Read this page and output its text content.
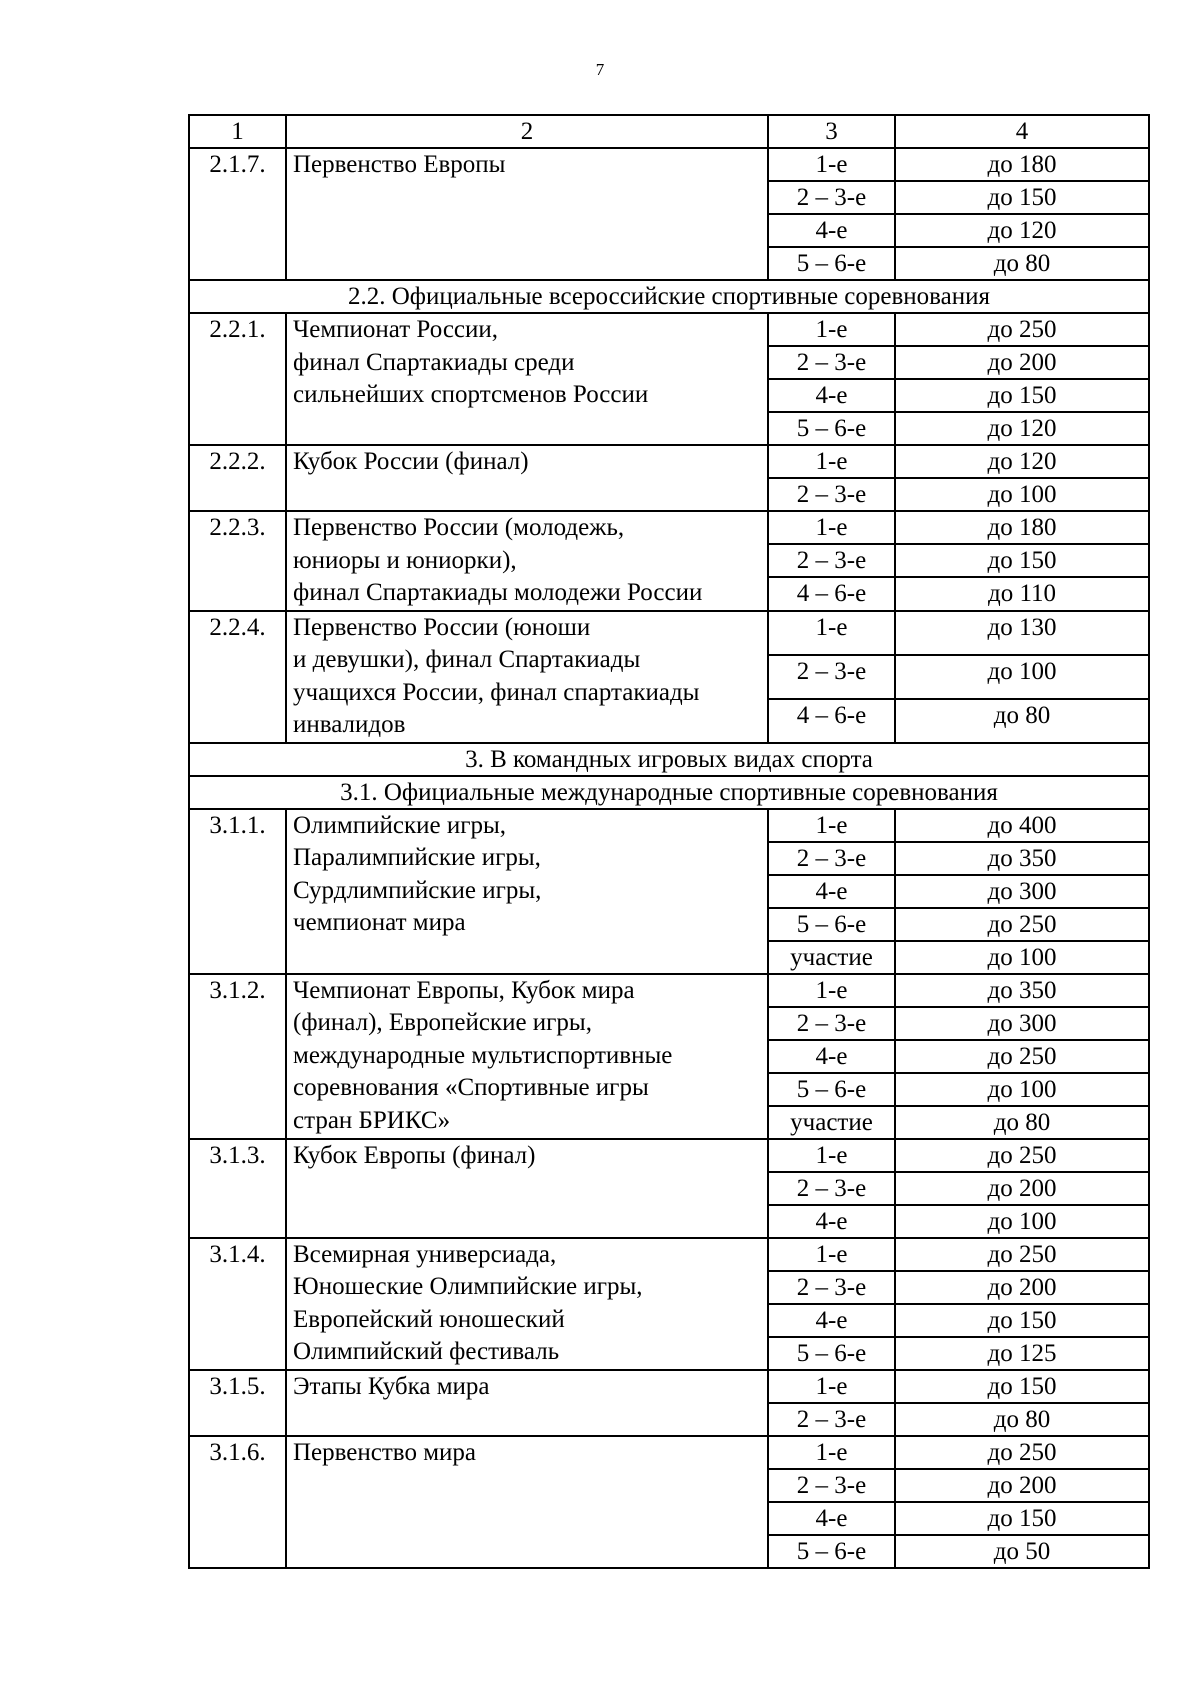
7
1	2	3	4
2.1.7.	Первенство Европы	1-е	до 180
		2 – 3-е	до 150
		4-е	до 120
		5 – 6-е	до 80
2.2. Официальные всероссийские спортивные соревнования			
2.2.1.	Чемпионат России,
финал Спартакиады среди
сильнейших спортсменов России	1-е	до 250
		2 – 3-е	до 200
		4-е	до 150
		5 – 6-е	до 120
2.2.2.	Кубок России (финал)	1-е	до 120
		2 – 3-е	до 100
2.2.3.	Первенство России (молодежь,
юниоры и юниорки),
финал Спартакиады молодежи России	1-е	до 180
		2 – 3-е	до 150
		4 – 6-е	до 110
2.2.4.	Первенство России (юноши
и девушки), финал Спартакиады
учащихся России, финал спартакиады
инвалидов	1-е	до 130
		2 – 3-е	до 100
		4 – 6-е	до 80
3. В командных игровых видах спорта			
3.1. Официальные международные спортивные соревнования			
3.1.1.	Олимпийские игры,
Паралимпийские игры,
Сурдлимпийские игры,
чемпионат мира	1-е	до 400
		2 – 3-е	до 350
		4-е	до 300
		5 – 6-е	до 250
		участие	до 100
3.1.2.	Чемпионат Европы, Кубок мира
(финал), Европейские игры,
международные мультиспортивные
соревнования «Спортивные игры
стран БРИКС»	1-е	до 350
		2 – 3-е	до 300
		4-е	до 250
		5 – 6-е	до 100
		участие	до 80
3.1.3.	Кубок Европы (финал)	1-е	до 250
		2 – 3-е	до 200
		4-е	до 100
3.1.4.	Всемирная универсиада,
Юношеские Олимпийские игры,
Европейский юношеский
Олимпийский фестиваль	1-е	до 250
		2 – 3-е	до 200
		4-е	до 150
		5 – 6-е	до 125
3.1.5.	Этапы Кубка мира	1-е	до 150
		2 – 3-е	до 80
3.1.6.	Первенство мира	1-е	до 250
		2 – 3-е	до 200
		4-е	до 150
		5 – 6-е	до 50
